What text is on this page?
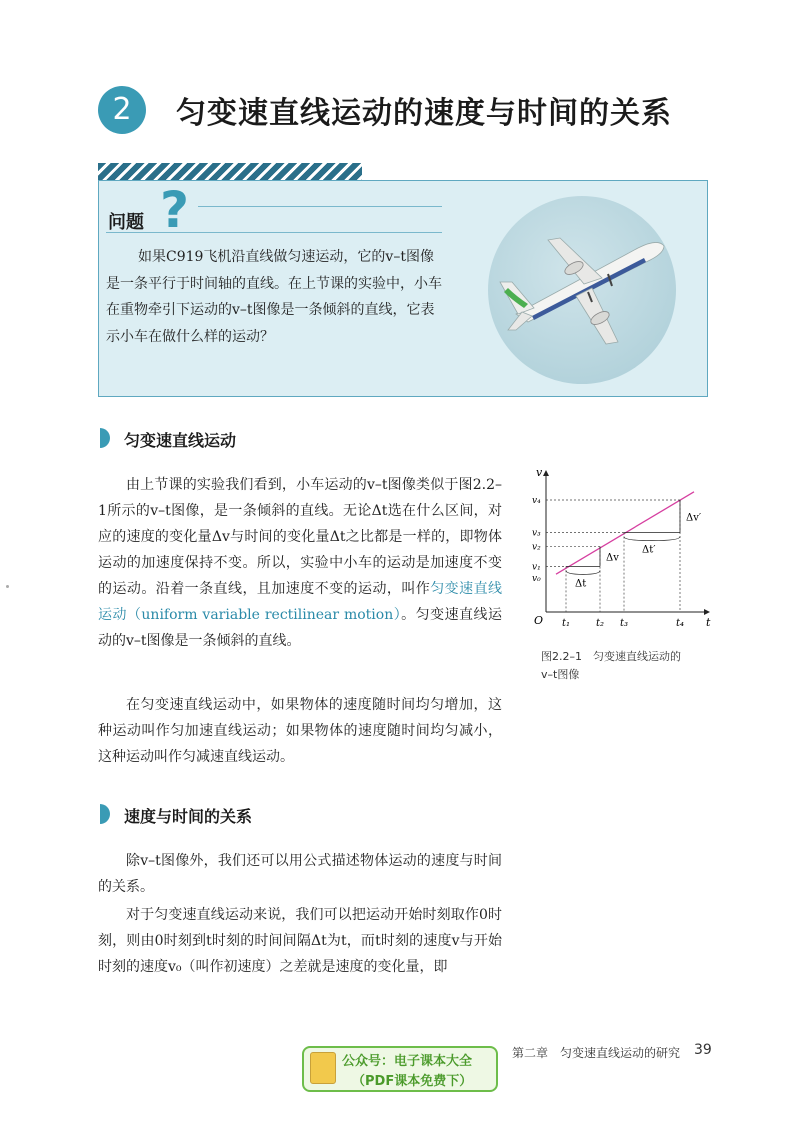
2	匀变速直线运动的速度与时间的关系
问题 ?
如果C919飞机沿直线做匀速运动，它的v–t图像是一条平行于时间轴的直线。在上节课的实验中，小车在重物牵引下运动的v–t图像是一条倾斜的直线，它表示小车在做什么样的运动？
匀变速直线运动
由上节课的实验我们看到，小车运动的v–t图像类似于图2.2–1所示的v–t图像，是一条倾斜的直线。无论Δt选在什么区间，对应的速度的变化量Δv与时间的变化量Δt之比都是一样的，即物体运动的加速度保持不变。所以，实验中小车的运动是加速度不变的运动。沿着一条直线，且加速度不变的运动，叫作匀变速直线运动（uniform variable rectilinear motion）。匀变速直线运动的v–t图像是一条倾斜的直线。
在匀变速直线运动中，如果物体的速度随时间均匀增加，这种运动叫作匀加速直线运动；如果物体的速度随时间均匀减小，这种运动叫作匀减速直线运动。
v
t
O t₁	t₂ t₃	t₄
v₀
v₁
v₂
v₃
v₄
Δt
Δv
Δt′
Δv′
图2.2–1　匀变速直线运动的
v–t图像
速度与时间的关系
除v–t图像外，我们还可以用公式描述物体运动的速度与时间的关系。
对于匀变速直线运动来说，我们可以把运动开始时刻取作0时刻，则由0时刻到t时刻的时间间隔Δt为t，而t时刻的速度v与开始时刻的速度v₀（叫作初速度）之差就是速度的变化量，即
第二章　匀变速直线运动的研究 39
公众号：电子课本大全
（PDF课本免费下）
